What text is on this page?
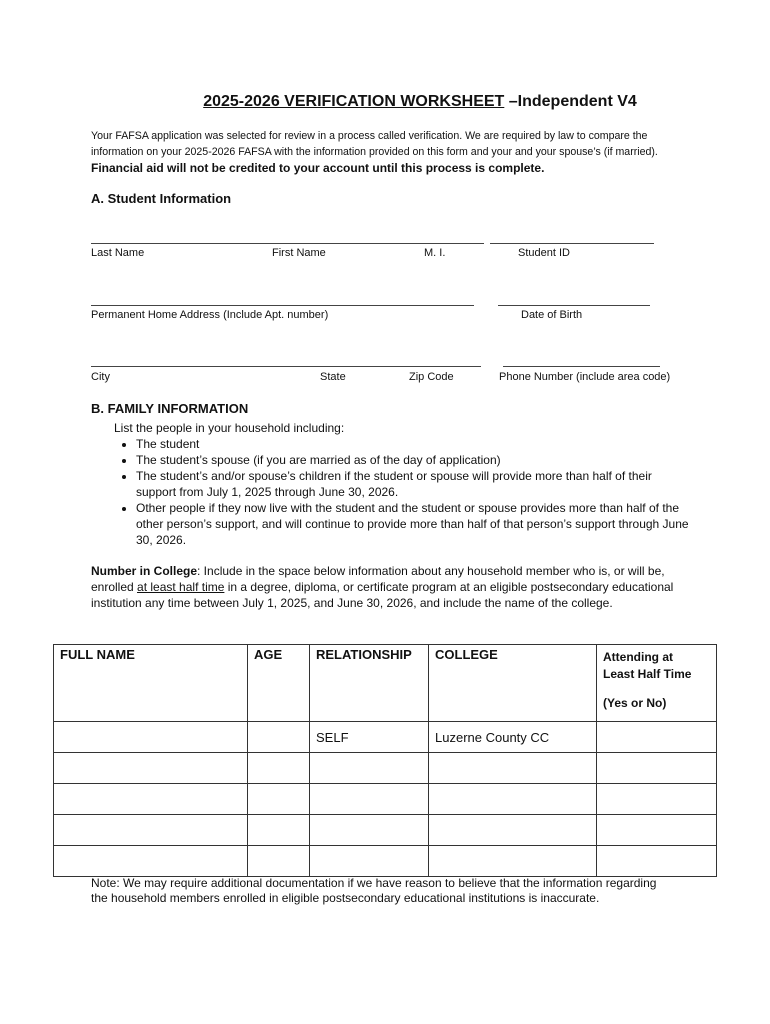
2025-2026 VERIFICATION WORKSHEET –Independent V4
Your FAFSA application was selected for review in a process called verification. We are required by law to compare the information on your 2025-2026 FAFSA with the information provided on this form and your and your spouse’s (if married). Financial aid will not be credited to your account until this process is complete.
A. Student Information
Last Name	First Name	M. I.	Student ID
Permanent Home Address (Include Apt. number)	Date of Birth
City	State	Zip Code	Phone Number (include area code)
B. FAMILY INFORMATION
List the people in your household including:
• The student
• The student’s spouse (if you are married as of the day of application)
• The student’s and/or spouse’s children if the student or spouse will provide more than half of their support from July 1, 2025 through June 30, 2026.
• Other people if they now live with the student and the student or spouse provides more than half of the other person’s support, and will continue to provide more than half of that person’s support through June 30, 2026.
Number in College: Include in the space below information about any household member who is, or will be, enrolled at least half time in a degree, diploma, or certificate program at an eligible postsecondary educational institution any time between July 1, 2025, and June 30, 2026, and include the name of the college.
FULL NAME	AGE	RELATIONSHIP	COLLEGE	Attending at
Least Half Time
(Yes or No)

		SELF	Luzerne County CC	

Note: We may require additional documentation if we have reason to believe that the information regarding the household members enrolled in eligible postsecondary educational institutions is inaccurate.
